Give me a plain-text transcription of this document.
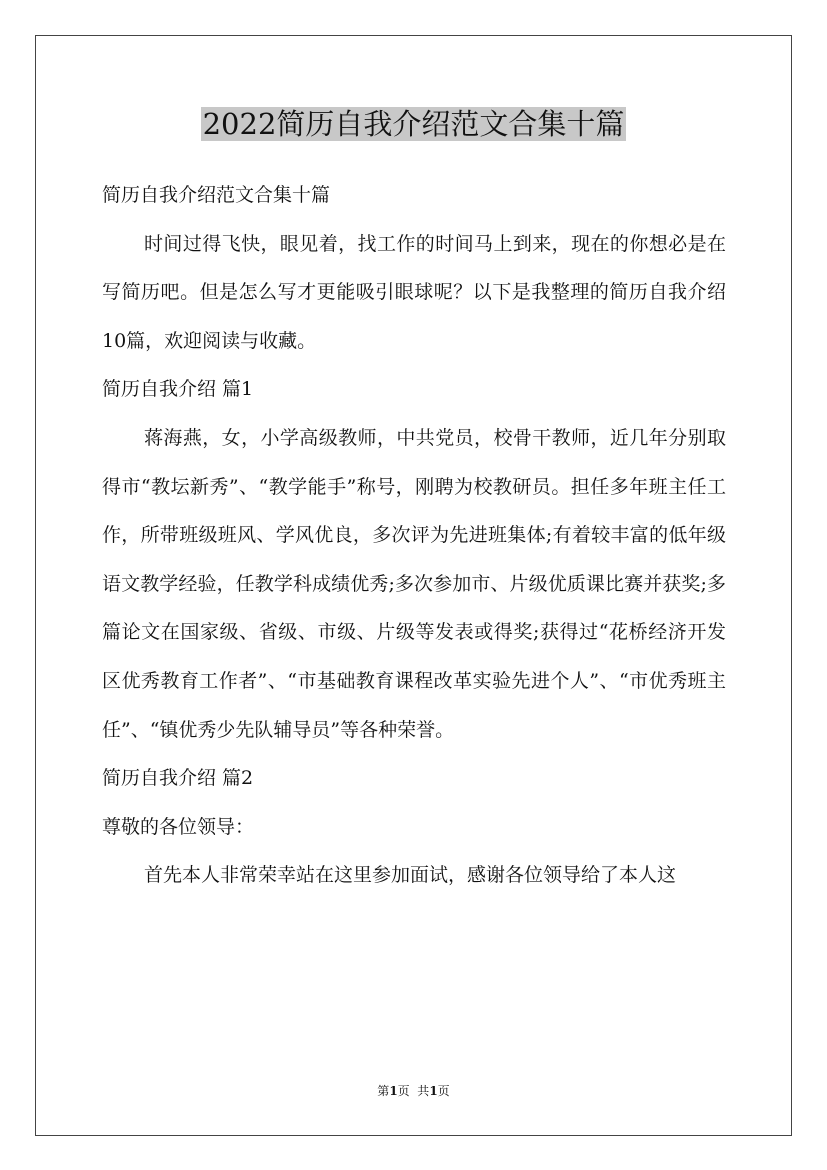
2022简历自我介绍范文合集十篇

简历自我介绍范文合集十篇

时间过得飞快，眼见着，找工作的时间马上到来，现在的你想必是在写简历吧。但是怎么写才更能吸引眼球呢？以下是我整理的简历自我介绍10篇，欢迎阅读与收藏。

简历自我介绍 篇1

蒋海燕，女，小学高级教师，中共党员，校骨干教师，近几年分别取得市“教坛新秀”、“教学能手”称号，刚聘为校教研员。担任多年班主任工作，所带班级班风、学风优良，多次评为先进班集体;有着较丰富的低年级语文教学经验，任教学科成绩优秀;多次参加市、片级优质课比赛并获奖;多篇论文在国家级、省级、市级、片级等发表或得奖;获得过“花桥经济开发区优秀教育工作者”、“市基础教育课程改革实验先进个人”、“市优秀班主任”、“镇优秀少先队辅导员”等各种荣誉。

简历自我介绍 篇2

尊敬的各位领导：

首先本人非常荣幸站在这里参加面试，感谢各位领导给了本人这

第1页  共1页
